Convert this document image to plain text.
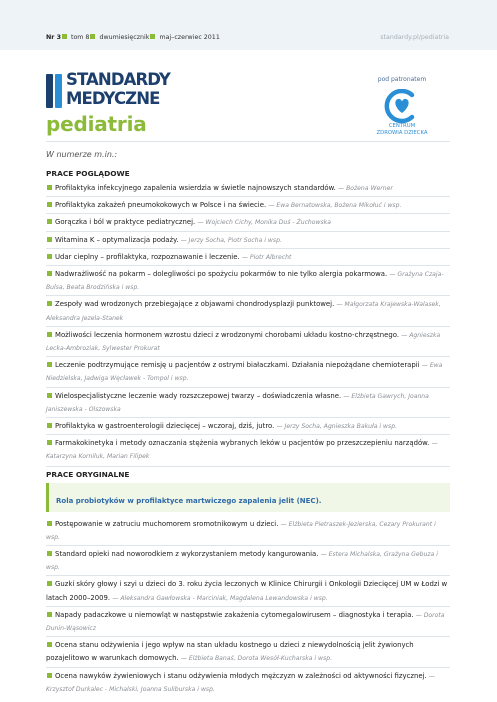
Nr 3 tom 8 dwumiesięcznik maj–czerwiec 2011	standardy.pl/pediatria
STANDARDY
MEDYCZNE
pediatria
pod patronatem
CENTRUM
ZDROWIA DZIECKA
W numerze m.in.:
PRACE POGLĄDOWE
Profilaktyka infekcyjnego zapalenia wsierdzia w świetle najnowszych standardów. — Bożena Werner
Profilaktyka zakażeń pneumokokowych w Polsce i na świecie. — Ewa Bernatowska, Bożena Mikołuć i wsp.
Gorączka i ból w praktyce pediatrycznej. — Wojciech Cichy, Monika Duś - Żuchowska
Witamina K – optymalizacja podaży. — Jerzy Socha, Piotr Socha i wsp.
Udar cieplny – profilaktyka, rozpoznawanie i leczenie. — Piotr Albrecht
Nadwrażliwość na pokarm – dolegliwości po spożyciu pokarmów to nie tylko alergia pokarmowa. — Grażyna Czaja-Bulsa, Beata Brodzińska i wsp.
Zespoły wad wrodzonych przebiegające z objawami chondrodysplazji punktowej. — Małgorzata Krajewska-Walasek, Aleksandra Jezela-Stanek
Możliwości leczenia hormonem wzrostu dzieci z wrodzonymi chorobami układu kostno-chrzęstnego. — Agnieszka Lecka-Ambroziak, Sylwester Prokurat
Leczenie podtrzymujące remisję u pacjentów z ostrymi białaczkami. Działania niepożądane chemioterapii — Ewa Niedzielska, Jadwiga Węcławek - Tompol i wsp.
Wielospecjalistyczne leczenie wady rozszczepowej twarzy – doświadczenia własne. — Elżbieta Gawrych, Joanna Janiszewska - Olszowska
Profilaktyka w gastroenterologii dziecięcej – wczoraj, dziś, jutro. — Jerzy Socha, Agnieszka Bakuła i wsp.
Farmakokinetyka i metody oznaczania stężenia wybranych leków u pacjentów po przeszczepieniu narządów. — Katarzyna Korniluk, Marian Filipek
PRACE ORYGINALNE
Rola probiotyków w profilaktyce martwiczego zapalenia jelit (NEC).
Postępowanie w zatruciu muchomorem sromotnikowym u dzieci. — Elżbieta Pietraszek-Jezierska, Cezary Prokurant i wsp.
Standard opieki nad noworodkiem z wykorzystaniem metody kangurowania. — Estera Michalska, Grażyna Gebuza i wsp.
Guzki skóry głowy i szyi u dzieci do 3. roku życia leczonych w Klinice Chirurgii i Onkologii Dziecięcej UM w Łodzi w latach 2000–2009. — Aleksandra Gawłowska - Marciniak, Magdalena Lewandowska i wsp.
Napady padaczkowe u niemowląt w następstwie zakażenia cytomegalowirusem – diagnostyka i terapia. — Dorota Dunin-Wąsowicz
Ocena stanu odżywienia i jego wpływ na stan układu kostnego u dzieci z niewydolnością jelit żywionych pozajelitowo w warunkach domowych. — Elżbieta Banaś, Dorota Wesół-Kucharska i wsp.
Ocena nawyków żywieniowych i stanu odżywienia młodych mężczyzn w zależności od aktywności fizycznej. — Krzysztof Durkalec - Michalski, Joanna Suliburska i wsp.
